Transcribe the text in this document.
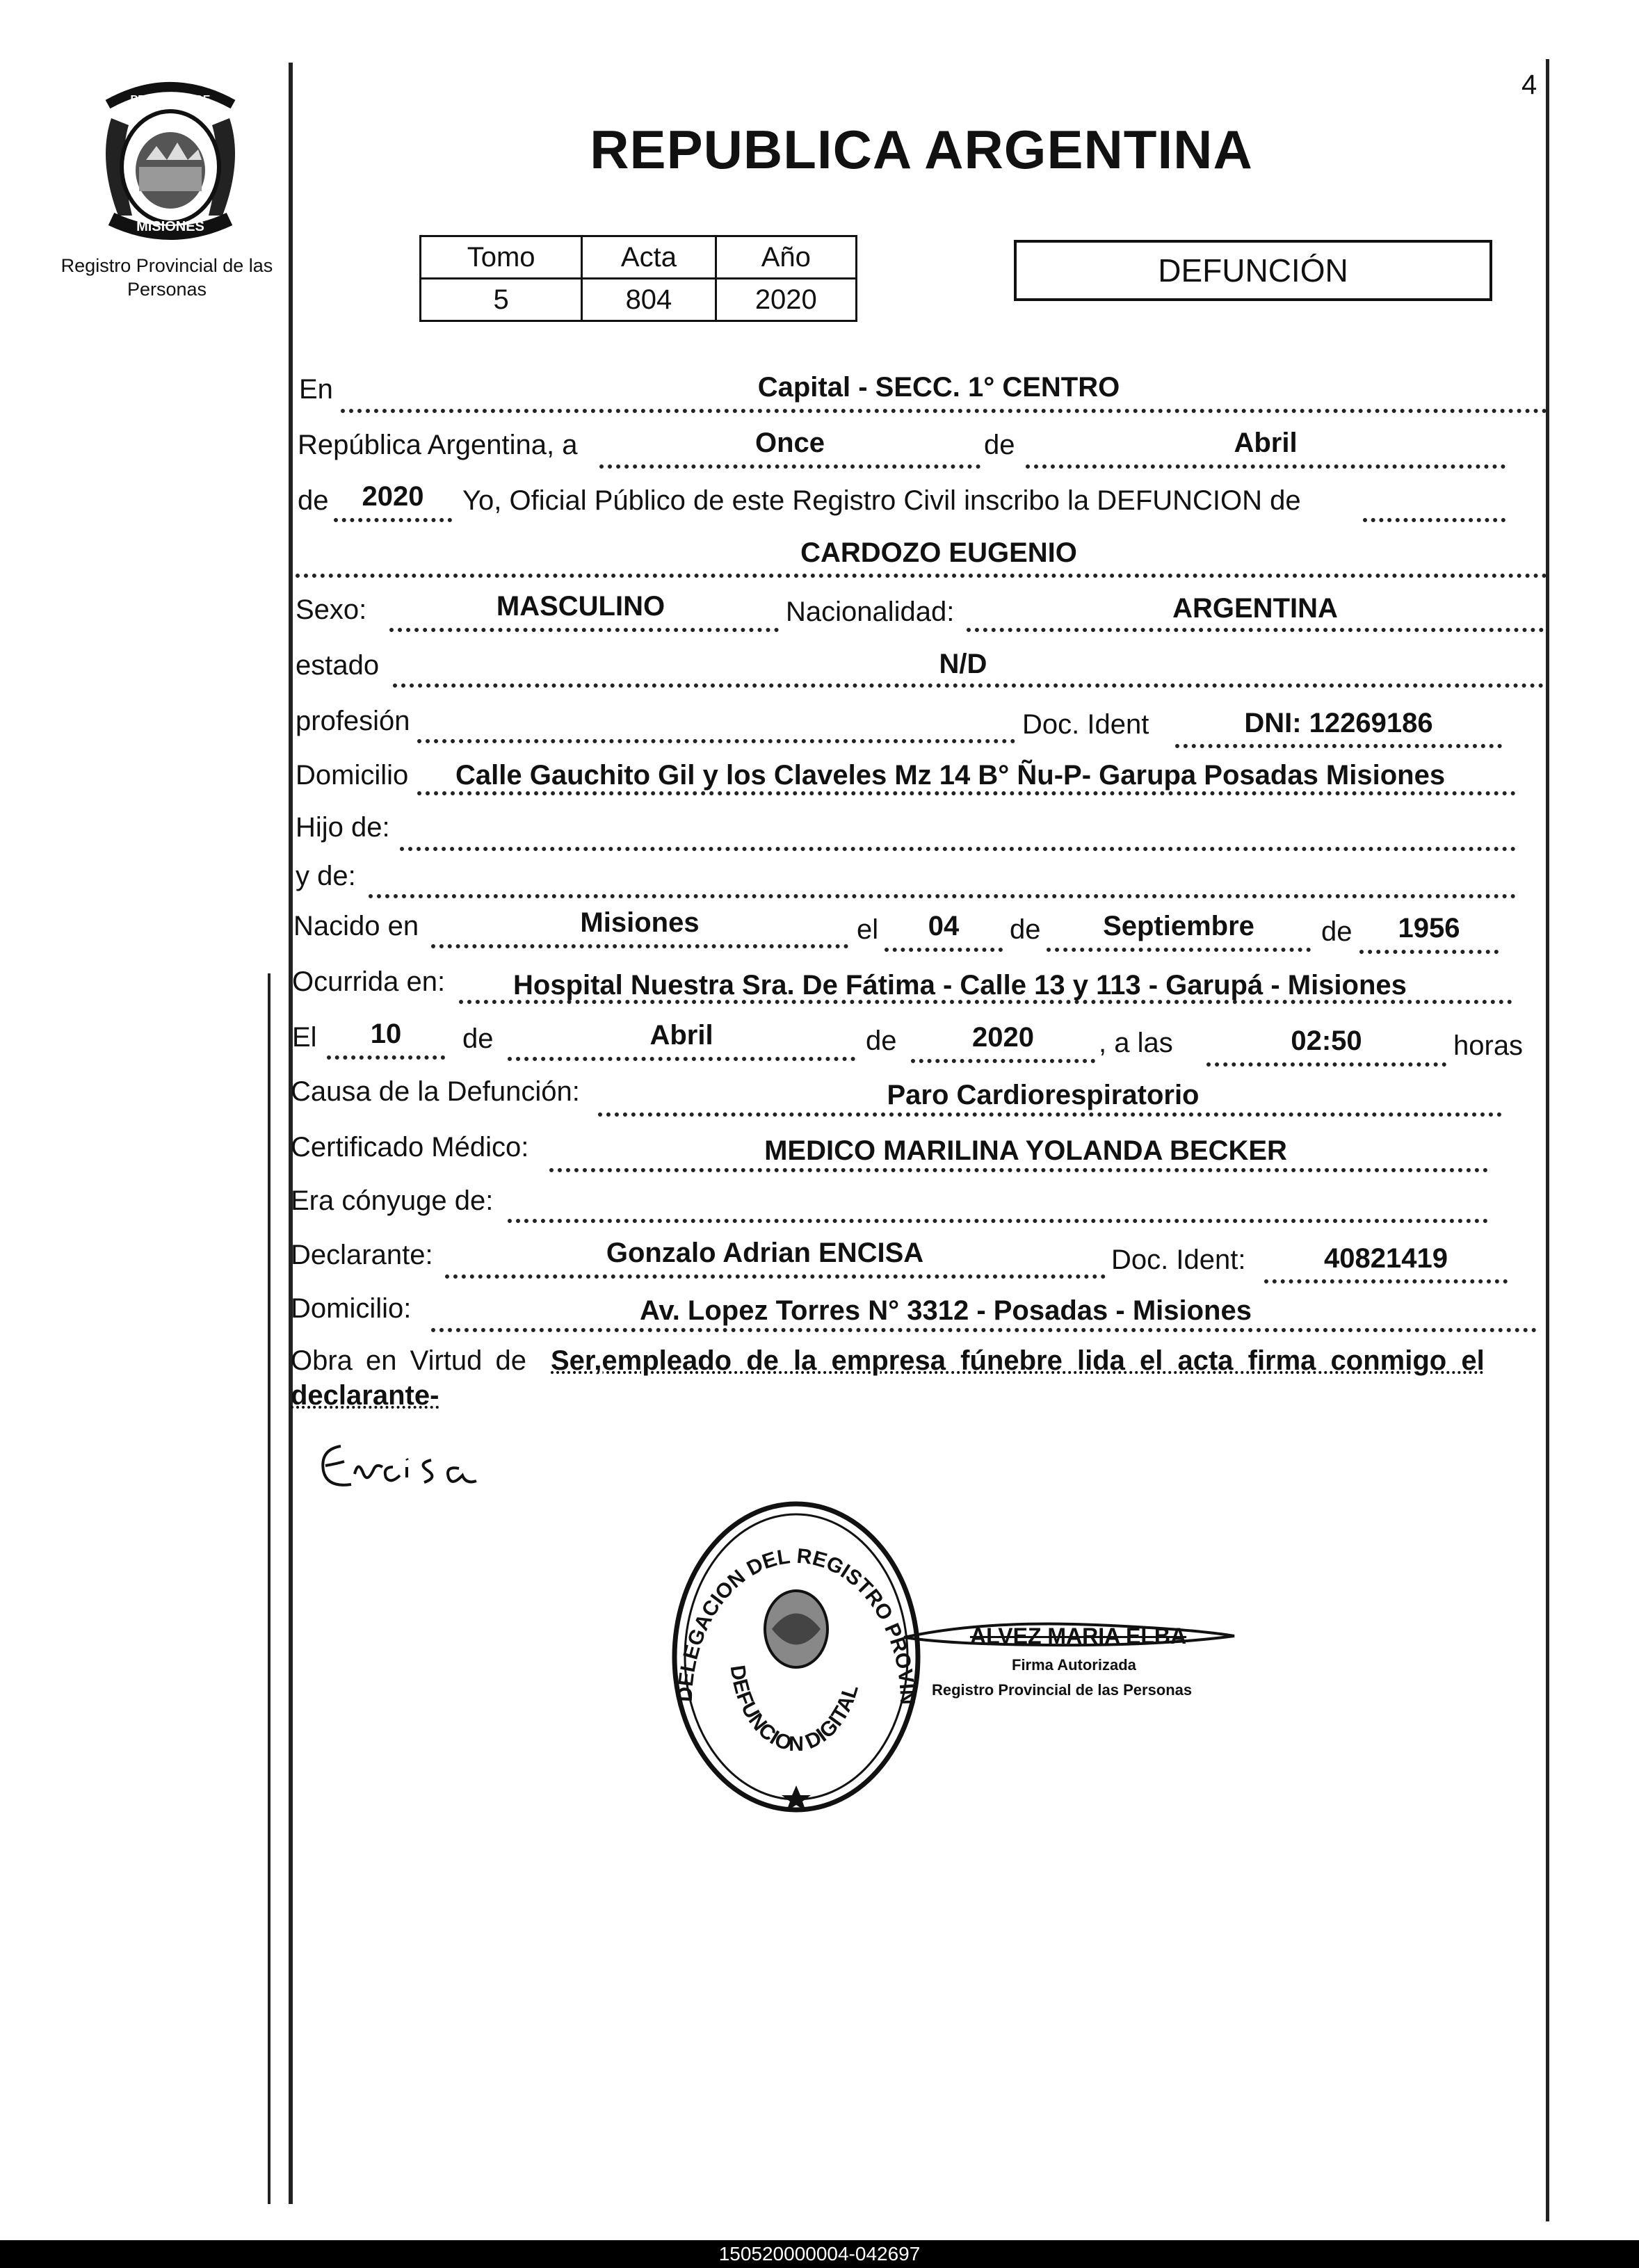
4
PROVINCIA DE
MISIONES
Registro Provincial de las Personas
REPUBLICA ARGENTINA
Tomo	Acta	Año
5	804	2020
DEFUNCIÓN
En	Capital - SECC. 1° CENTRO
República Argentina, a	Once	de	Abril
de	2020	Yo, Oficial Público de este Registro Civil inscribo la DEFUNCION de
CARDOZO EUGENIO
Sexo:	MASCULINO	Nacionalidad:	ARGENTINA
estado	N/D
profesión	Doc. Ident	DNI: 12269186
Domicilio Calle Gauchito Gil y los Claveles Mz 14 B° Ñu-P- Garupa Posadas Misiones
Hijo de:
y de:
Nacido en	Misiones	el	04	de	Septiembre	de	1956
Ocurrida en: Hospital Nuestra Sra. De Fátima - Calle 13 y 113 - Garupá - Misiones
El	10	de	Abril	de	2020	, a las	02:50	horas
Causa de la Defunción:	Paro Cardiorespiratorio
Certificado Médico:	MEDICO MARILINA YOLANDA BECKER
Era cónyuge de:
Declarante:	Gonzalo Adrian ENCISA	Doc. Ident:	40821419
Domicilio:	Av. Lopez Torres N° 3312 - Posadas - Misiones
Obra en Virtud de Ser,empleado de la empresa fúnebre lida el acta firma conmigo el
declarante-
DELEGACION DEL REGISTRO PROVIN
DEFUNCION DIGITAL
ALVEZ MARIA ELBA
Firma Autorizada
Registro Provincial de las Personas
150520000004-042697
